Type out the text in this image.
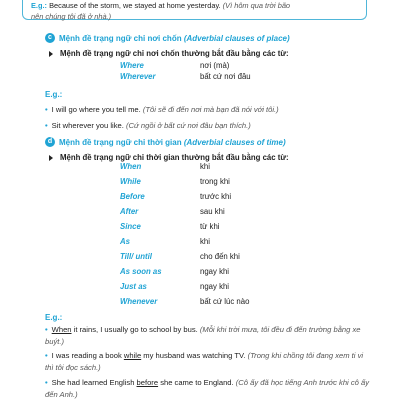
E.g.: Because of the storm, we stayed at home yesterday. (Vì hôm qua trời bão
nên chúng tôi đã ở nhà.)
c Mệnh đề trạng ngữ chỉ nơi chốn
(Adverbial clauses of place)
Mệnh đề trạng ngữ chỉ nơi chốn thường bắt đầu bằng các từ:
Where	nơi (mà)
Wherever	bất cứ nơi đâu
E.g.:
• I will go where you tell me. (Tôi sẽ đi đến nơi mà bạn đã nói với tôi.)
• Sit wherever you like. (Cứ ngồi ở bất cứ nơi đâu bạn thích.)
d Mệnh đề trạng ngữ chỉ thời gian
(Adverbial clauses of time)
Mệnh đề trạng ngữ chỉ thời gian thường bắt đầu bằng các từ:
When	khi
While	trong khi
Before	trước khi
After	sau khi
Since	từ khi
As	khi
Till/ until	cho đến khi
As soon as	ngay khi
Just as	ngay khi
Whenever	bất cứ lúc nào
E.g.:
• When it rains, I usually go to school by bus. (Mỗi khi trời mưa, tôi đều đi đến trường bằng xe buýt.)
• I was reading a book while my husband was watching TV. (Trong khi chồng tôi đang xem ti vi thì tôi đọc sách.)
• She had learned English before she came to England. (Cô ấy đã học tiếng Anh trước khi cô ấy đến Anh.)
